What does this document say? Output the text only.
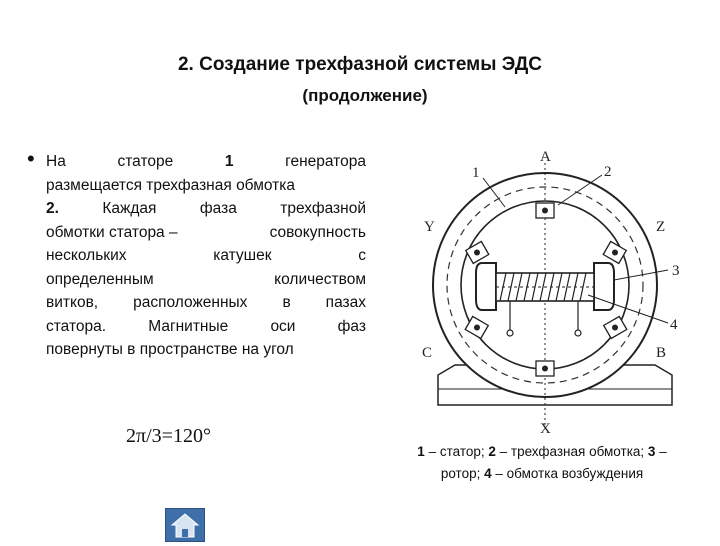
2. Создание трехфазной системы ЭДС
(продолжение)
• На	статоре	1	генератора
размещается трехфазная обмотка
2.	Каждая	фаза	трехфазной
обмотки статора –	совокупность
нескольких	катушек	с
определенным	количеством
витков, расположенных в пазах
статора.	Магнитные	оси	фаз
повернуты в пространстве на угол
2π/3=120°
A
X
Y	Z
C	B
1	2
3
4
1 – статор; 2 – трехфазная обмотка; 3 –
ротор; 4 – обмотка возбуждения
